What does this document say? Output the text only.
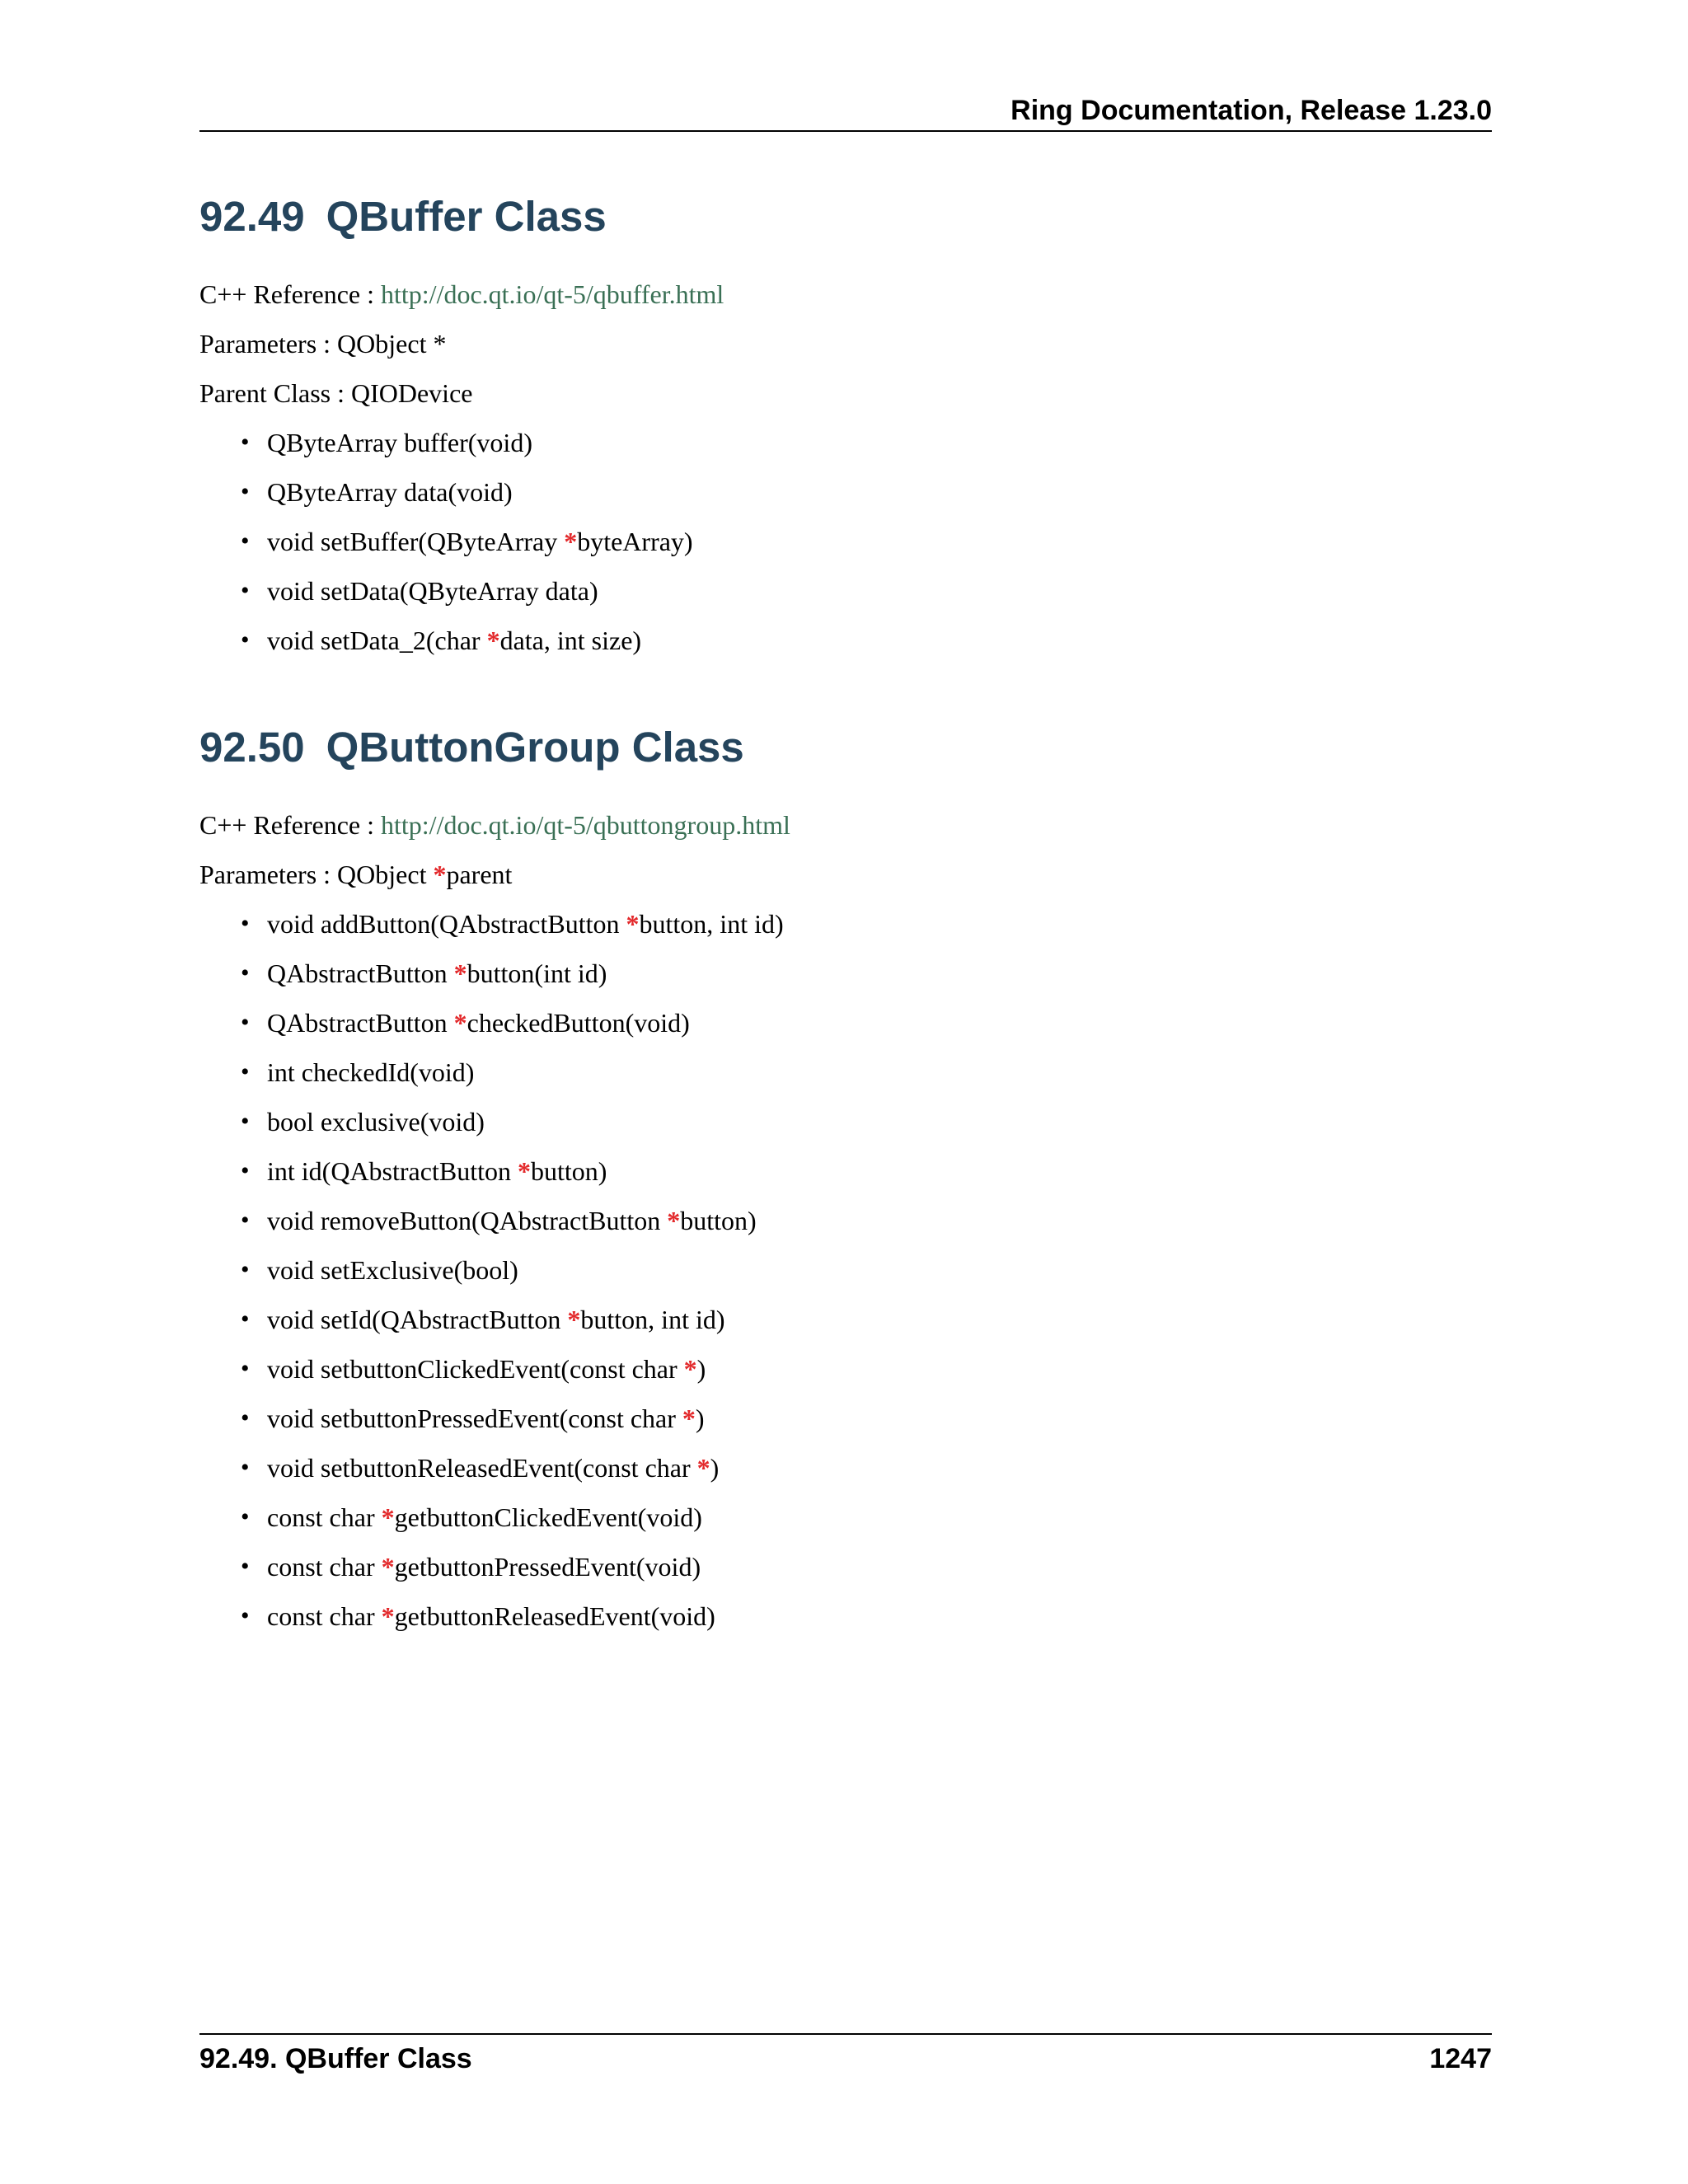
Ring Documentation, Release 1.23.0
92.49 QBuffer Class
C++ Reference : http://doc.qt.io/qt-5/qbuffer.html
Parameters : QObject *
Parent Class : QIODevice
• QByteArray buffer(void)
• QByteArray data(void)
• void setBuffer(QByteArray *byteArray)
• void setData(QByteArray data)
• void setData_2(char *data, int size)
92.50 QButtonGroup Class
C++ Reference : http://doc.qt.io/qt-5/qbuttongroup.html
Parameters : QObject *parent
• void addButton(QAbstractButton *button, int id)
• QAbstractButton *button(int id)
• QAbstractButton *checkedButton(void)
• int checkedId(void)
• bool exclusive(void)
• int id(QAbstractButton *button)
• void removeButton(QAbstractButton *button)
• void setExclusive(bool)
• void setId(QAbstractButton *button, int id)
• void setbuttonClickedEvent(const char *)
• void setbuttonPressedEvent(const char *)
• void setbuttonReleasedEvent(const char *)
• const char *getbuttonClickedEvent(void)
• const char *getbuttonPressedEvent(void)
• const char *getbuttonReleasedEvent(void)
92.49. QBuffer Class	1247
